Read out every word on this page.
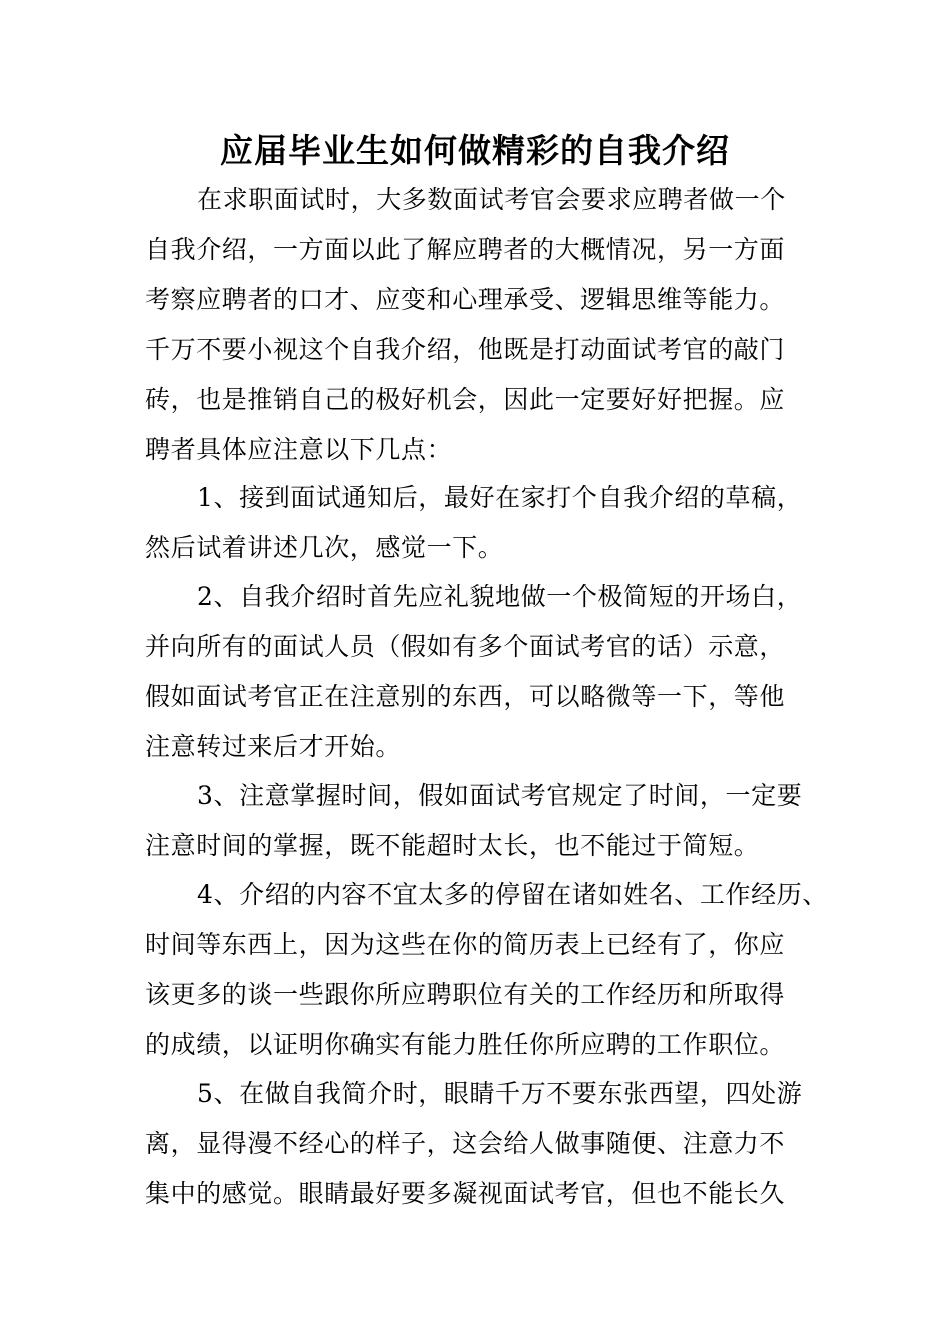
应届毕业生如何做精彩的自我介绍

在求职面试时，大多数面试考官会要求应聘者做一个

自我介绍，一方面以此了解应聘者的大概情况，另一方面

考察应聘者的口才、应变和心理承受、逻辑思维等能力。

千万不要小视这个自我介绍，他既是打动面试考官的敲门

砖，也是推销自己的极好机会，因此一定要好好把握。应

聘者具体应注意以下几点：

1、接到面试通知后，最好在家打个自我介绍的草稿，

然后试着讲述几次，感觉一下。

2、自我介绍时首先应礼貌地做一个极简短的开场白，

并向所有的面试人员（假如有多个面试考官的话）示意，

假如面试考官正在注意别的东西，可以略微等一下，等他

注意转过来后才开始。

3、注意掌握时间，假如面试考官规定了时间，一定要

注意时间的掌握，既不能超时太长，也不能过于简短。

4、介绍的内容不宜太多的停留在诸如姓名、工作经历、

时间等东西上，因为这些在你的简历表上已经有了，你应

该更多的谈一些跟你所应聘职位有关的工作经历和所取得

的成绩，以证明你确实有能力胜任你所应聘的工作职位。

5、在做自我简介时，眼睛千万不要东张西望，四处游

离，显得漫不经心的样子，这会给人做事随便、注意力不

集中的感觉。眼睛最好要多凝视面试考官，但也不能长久
